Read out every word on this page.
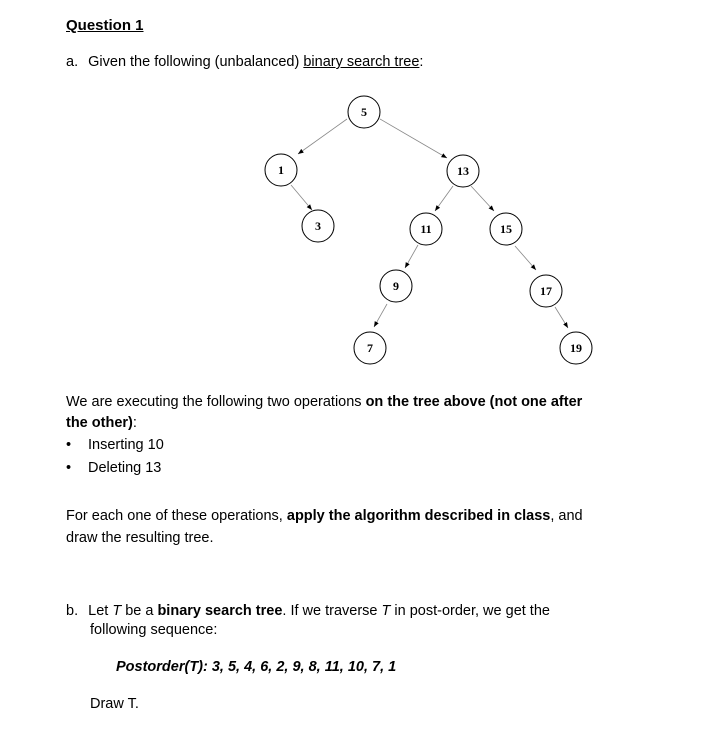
Question 1
a. Given the following (unbalanced) binary search tree:
5
1	13
3	11	15
9	17
7	19
We are executing the following two operations on the tree above (not one after
the other):
• Inserting 10
• Deleting 13
For each one of these operations, apply the algorithm described in class, and
draw the resulting tree.
b. Let T be a binary search tree. If we traverse T in post-order, we get the
following sequence:
Postorder(T): 3, 5, 4, 6, 2, 9, 8, 11, 10, 7, 1
Draw T.
